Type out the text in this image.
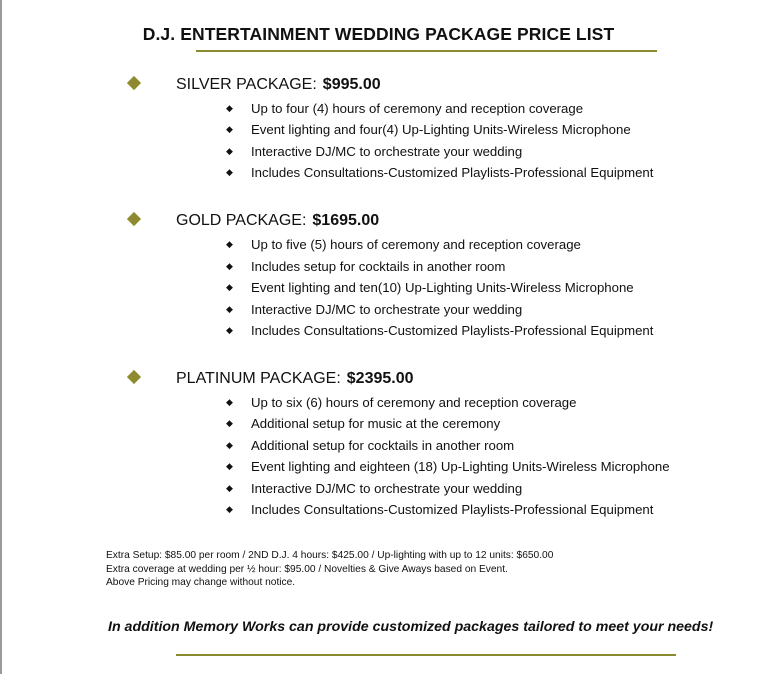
D.J. ENTERTAINMENT WEDDING PACKAGE PRICE LIST
SILVER PACKAGE: $995.00
◆ Up to four (4) hours of ceremony and reception coverage
◆ Event lighting and four(4) Up-Lighting Units-Wireless Microphone
◆ Interactive DJ/MC to orchestrate your wedding
◆ Includes Consultations-Customized Playlists-Professional Equipment
GOLD PACKAGE: $1695.00
◆ Up to five (5) hours of ceremony and reception coverage
◆ Includes setup for cocktails in another room
◆ Event lighting and ten(10) Up-Lighting Units-Wireless Microphone
◆ Interactive DJ/MC to orchestrate your wedding
◆ Includes Consultations-Customized Playlists-Professional Equipment
PLATINUM PACKAGE: $2395.00
◆ Up to six (6) hours of ceremony and reception coverage
◆ Additional setup for music at the ceremony
◆ Additional setup for cocktails in another room
◆ Event lighting and eighteen (18) Up-Lighting Units-Wireless Microphone
◆ Interactive DJ/MC to orchestrate your wedding
◆ Includes Consultations-Customized Playlists-Professional Equipment
Extra Setup: $85.00 per room / 2ND D.J. 4 hours: $425.00 / Up-lighting with up to 12 units: $650.00
Extra coverage at wedding per ½ hour: $95.00 / Novelties & Give Aways based on Event.
Above Pricing may change without notice.
In addition Memory Works can provide customized packages tailored to meet your needs!
